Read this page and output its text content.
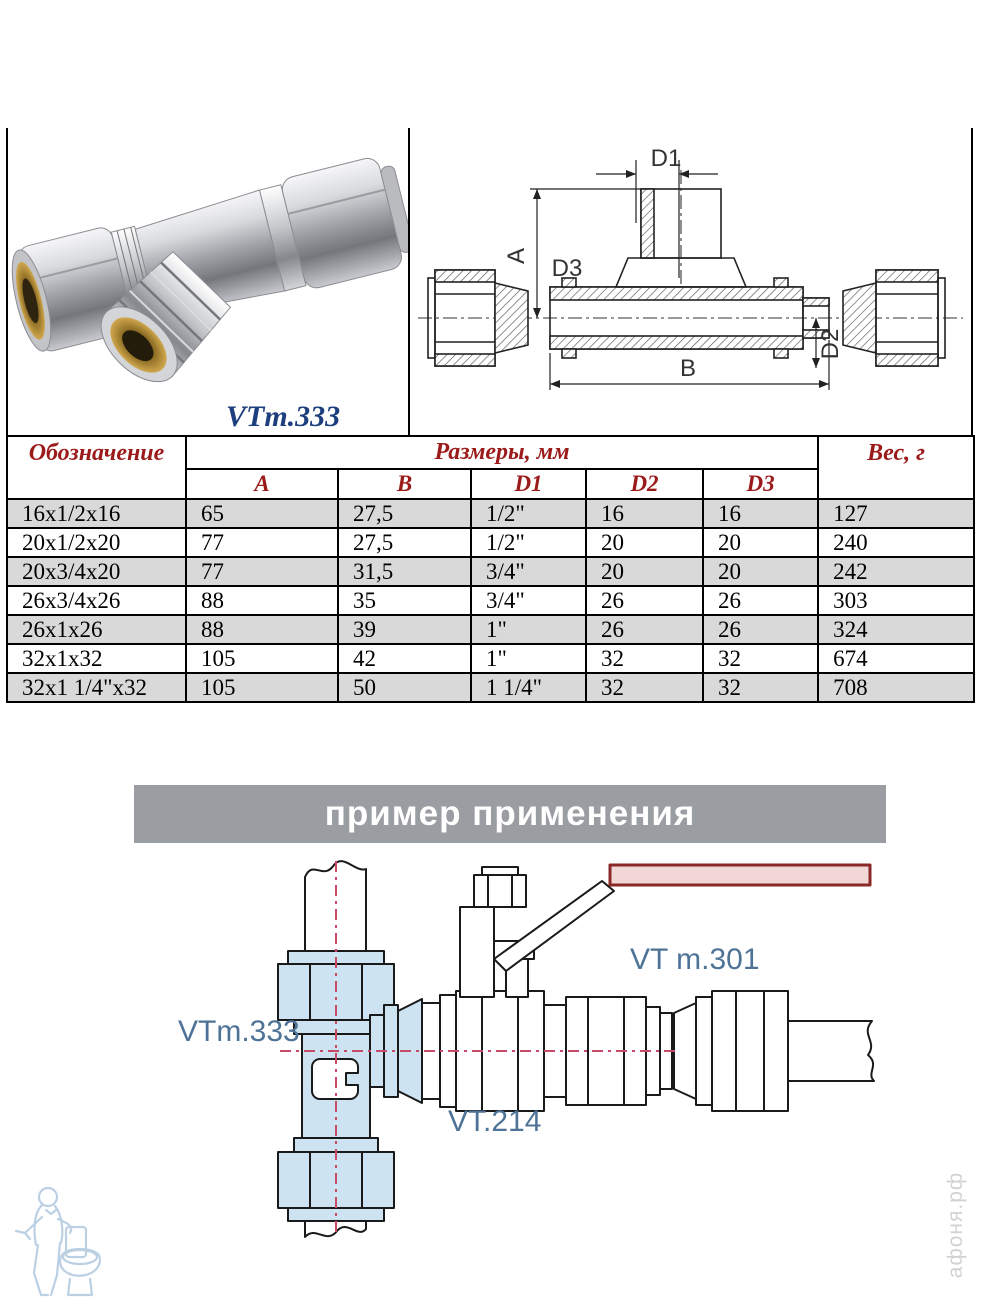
VTm.333
D1
A D3
D2
B
Обозначение	Размеры, мм					Вес, г
	A	B	D1	D2	D3	
16x1/2x16	65	27,5	1/2"	16	16	127
20x1/2x20	77	27,5	1/2"	20	20	240
20x3/4x20	77	31,5	3/4"	20	20	242
26x3/4x26	88	35	3/4"	26	26	303
26x1x26	88	39	1"	26	26	324
32x1x32	105	42	1"	32	32	674
32x1 1/4"x32	105	50	1 1/4"	32	32	708
пример применения
VTm.333
VT.214
VT m.301
афоня.рф
